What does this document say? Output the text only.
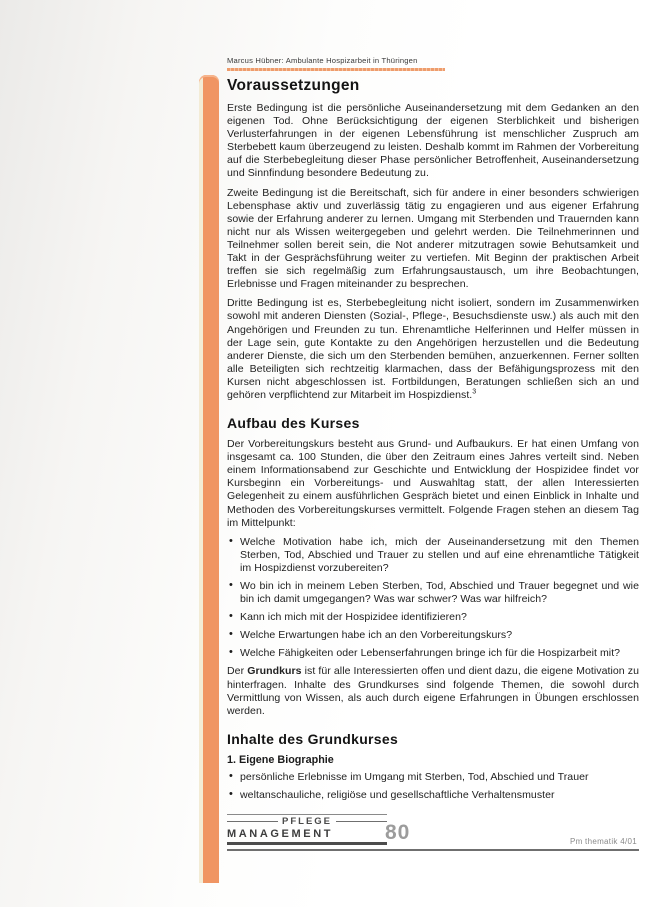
Marcus Hübner: Ambulante Hospizarbeit in Thüringen
Voraussetzungen

Erste Bedingung ist die persönliche Auseinandersetzung mit dem Gedanken an den eigenen Tod. Ohne Berücksichtigung der eigenen Sterblichkeit und bisherigen Verlusterfahrungen in der eigenen Lebensführung ist menschlicher Zuspruch am Sterbebett kaum überzeugend zu leisten. Deshalb kommt im Rahmen der Vorbereitung auf die Sterbebegleitung dieser Phase persönlicher Betroffenheit, Auseinandersetzung und Sinnfindung besondere Bedeutung zu.

Zweite Bedingung ist die Bereitschaft, sich für andere in einer besonders schwierigen Lebensphase aktiv und zuverlässig tätig zu engagieren und aus eigener Erfahrung sowie der Erfahrung anderer zu lernen. Umgang mit Sterbenden und Trauernden kann nicht nur als Wissen weitergegeben und gelehrt werden. Die Teilnehmerinnen und Teilnehmer sollen bereit sein, die Not anderer mitzutragen sowie Behutsamkeit und Takt in der Gesprächsführung weiter zu vertiefen. Mit Beginn der praktischen Arbeit treffen sie sich regelmäßig zum Erfahrungsaustausch, um ihre Beobachtungen, Erlebnisse und Fragen miteinander zu besprechen.

Dritte Bedingung ist es, Sterbebegleitung nicht isoliert, sondern im Zusammenwirken sowohl mit anderen Diensten (Sozial-, Pflege-, Besuchsdienste usw.) als auch mit den Angehörigen und Freunden zu tun. Ehrenamtliche Helferinnen und Helfer müssen in der Lage sein, gute Kontakte zu den Angehörigen herzustellen und die Bedeutung anderer Dienste, die sich um den Sterbenden bemühen, anzuerkennen. Ferner sollten alle Beteiligten sich rechtzeitig klarmachen, dass der Befähigungsprozess mit den Kursen nicht abgeschlossen ist. Fortbildungen, Beratungen schließen sich an und gehören verpflichtend zur Mitarbeit im Hospizdienst.$^3$

Aufbau des Kurses

Der Vorbereitungskurs besteht aus Grund- und Aufbaukurs. Er hat einen Umfang von insgesamt ca. 100 Stunden, die über den Zeitraum eines Jahres verteilt sind. Neben einem Informationsabend zur Geschichte und Entwicklung der Hospizidee findet vor Kursbeginn ein Vorbereitungs- und Auswahltag statt, der allen Interessierten Gelegenheit zu einem ausführlichen Gespräch bietet und einen Einblick in Inhalte und Methoden des Vorbereitungskurses vermittelt. Folgende Fragen stehen an diesem Tag im Mittelpunkt:

• Welche Motivation habe ich, mich der Auseinandersetzung mit den Themen Sterben, Tod, Abschied und Trauer zu stellen und auf eine ehrenamtliche Tätigkeit im Hospizdienst vorzubereiten?
• Wo bin ich in meinem Leben Sterben, Tod, Abschied und Trauer begegnet und wie bin ich damit umgegangen? Was war schwer? Was war hilfreich?
• Kann ich mich mit der Hospizidee identifizieren?
• Welche Erwartungen habe ich an den Vorbereitungskurs?
• Welche Fähigkeiten oder Lebenserfahrungen bringe ich für die Hospizarbeit mit?

Der Grundkurs ist für alle Interessierten offen und dient dazu, die eigene Motivation zu hinterfragen. Inhalte des Grundkurses sind folgende Themen, die sowohl durch Vermittlung von Wissen, als auch durch eigene Erfahrungen in Übungen erschlossen werden.

Inhalte des Grundkurses
1. Eigene Biographie
• persönliche Erlebnisse im Umgang mit Sterben, Tod, Abschied und Trauer
• weltanschauliche, religiöse und gesellschaftliche Verhaltensmuster
PFLEGE
MANAGEMENT	80	Pm thematik 4/01
